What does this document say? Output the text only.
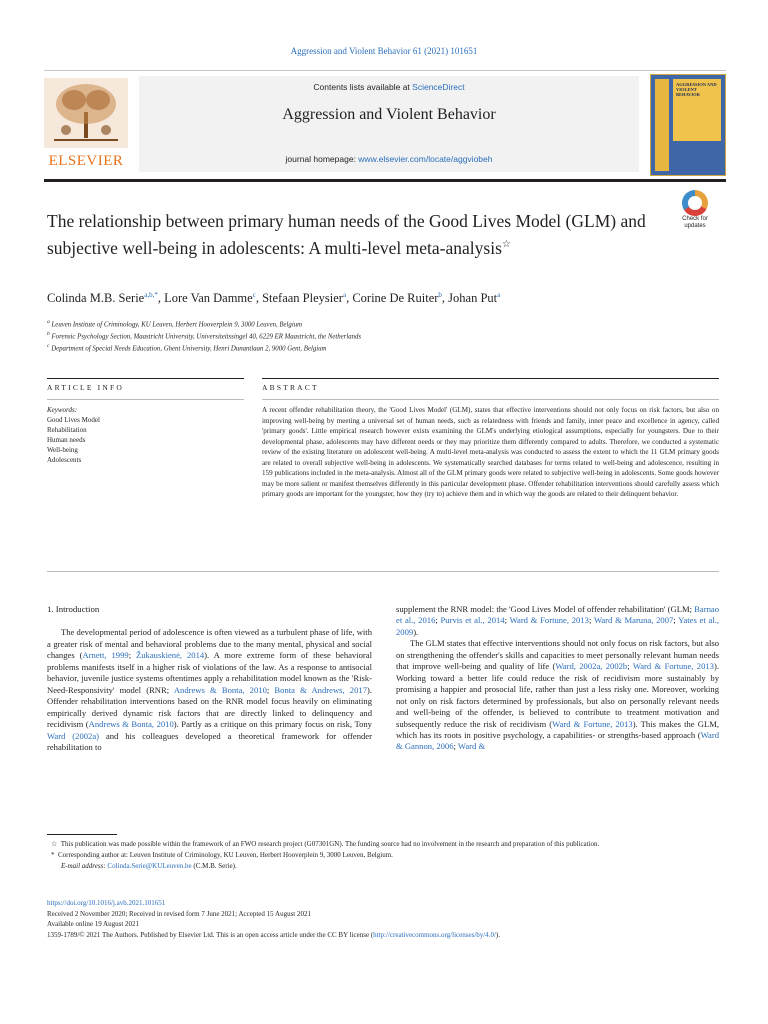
Aggression and Violent Behavior 61 (2021) 101651
ELSEVIER
Contents lists available at ScienceDirect
Aggression and Violent Behavior
journal homepage: www.elsevier.com/locate/aggviobeh
AGGRESSION AND VIOLENT BEHAVIOR
The relationship between primary human needs of the Good Lives Model (GLM) and subjective well-being in adolescents: A multi-level meta-analysis☆
Check for
updates
Colinda M.B. Serie$^{a,b,*}$, Lore Van Damme$^c$, Stefaan Pleysier$^a$, Corine De Ruiter$^b$, Johan Put$^a$
$^a$ Leuven Institute of Criminology, KU Leuven, Herbert Hooverplein 9, 3000 Leuven, Belgium
$^b$ Forensic Psychology Section, Maastricht University, Universiteitssingel 40, 6229 ER Maastricht, the Netherlands
$^c$ Department of Special Needs Education, Ghent University, Henri Dunantlaan 2, 9000 Gent, Belgium
ARTICLE INFO	ABSTRACT
Keywords:
Good Lives Model
Rehabilitation
Human needs
Well-being
Adolescents
A recent offender rehabilitation theory, the 'Good Lives Model' (GLM), states that effective interventions should not only focus on risk factors, but also on improving well-being by meeting a universal set of human needs, such as relatedness with friends and family, inner peace and excellence in agency, called 'primary goods'. Little empirical research however exists examining the GLM's underlying etiological assumptions, especially for youngsters. Due to their developmental phase, adolescents may have different needs or they may prioritize them differently compared to adults. Therefore, we conducted a systematic review of the existing literature on adolescent well-being. A multi-level meta-analysis was conducted to assess the extent to which the 11 GLM primary goods are related to overall subjective well-being in adolescents. We systematically searched databases for terms related to well-being and adolescence, resulting in 159 publications included in the meta-analysis. Almost all of the GLM primary goods were related to subjective well-being in adolescents. Some goods however may be more salient or manifest themselves differently in this particular development phase. Offender rehabilitation interventions should carefully assess which primary goods are important for the youngster, how they (try to) achieve them and in which way the goods are related to their delinquent behavior.
1. Introduction

The developmental period of adolescence is often viewed as a turbulent phase of life, with a greater risk of mental and behavioral problems due to the many mental, physical and social changes (Arnett, 1999; Žukauskienė, 2014). A more extreme form of these behavioral problems manifests itself in a higher risk of violations of the law. As a response to antisocial behavior, juvenile justice systems oftentimes apply a rehabilitation model known as the 'Risk-Need-Responsivity' model (RNR; Andrews & Bonta, 2010; Bonta & Andrews, 2017). Offender rehabilitation interventions based on the RNR model focus heavily on eliminating empirically derived dynamic risk factors that are directly linked to delinquency and recidivism (Andrews & Bonta, 2010). Partly as a critique on this primary focus on risk, Tony Ward (2002a) and his colleagues developed a theoretical framework for offender rehabilitation to

supplement the RNR model: the 'Good Lives Model of offender rehabilitation' (GLM; Barnao et al., 2016; Purvis et al., 2014; Ward & Fortune, 2013; Ward & Maruna, 2007; Yates et al., 2009).

The GLM states that effective interventions should not only focus on risk factors, but also on strengthening the offender's skills and capacities to meet personally relevant human needs that improve well-being and quality of life (Ward, 2002a, 2002b; Ward & Fortune, 2013). Working toward a better life could reduce the risk of recidivism more sustainably by promising a happier and prosocial life, rather than just a less risky one. Moreover, working not only on risk factors determined by professionals, but also on personally relevant needs and well-being of the offender, is believed to contribute to treatment motivation and subsequently reduce the risk of recidivism (Ward & Fortune, 2013). This makes the GLM, which has its roots in positive psychology, a capabilities- or strengths-based approach (Ward & Gannon, 2006; Ward &

☆ This publication was made possible within the framework of an FWO research project (G07301GN). The funding source had no involvement in the research and preparation of this publication.

* Corresponding author at: Leuven Institute of Criminology, KU Leuven, Herbert Hooverplein 9, 3000 Leuven, Belgium.

E-mail address: Colinda.Serie@KULeuven.be (C.M.B. Serie).

https://doi.org/10.1016/j.avb.2021.101651
Received 2 November 2020; Received in revised form 7 June 2021; Accepted 15 August 2021
Available online 19 August 2021
1359-1789/© 2021 The Authors. Published by Elsevier Ltd. This is an open access article under the CC BY license (http://creativecommons.org/licenses/by/4.0/).
